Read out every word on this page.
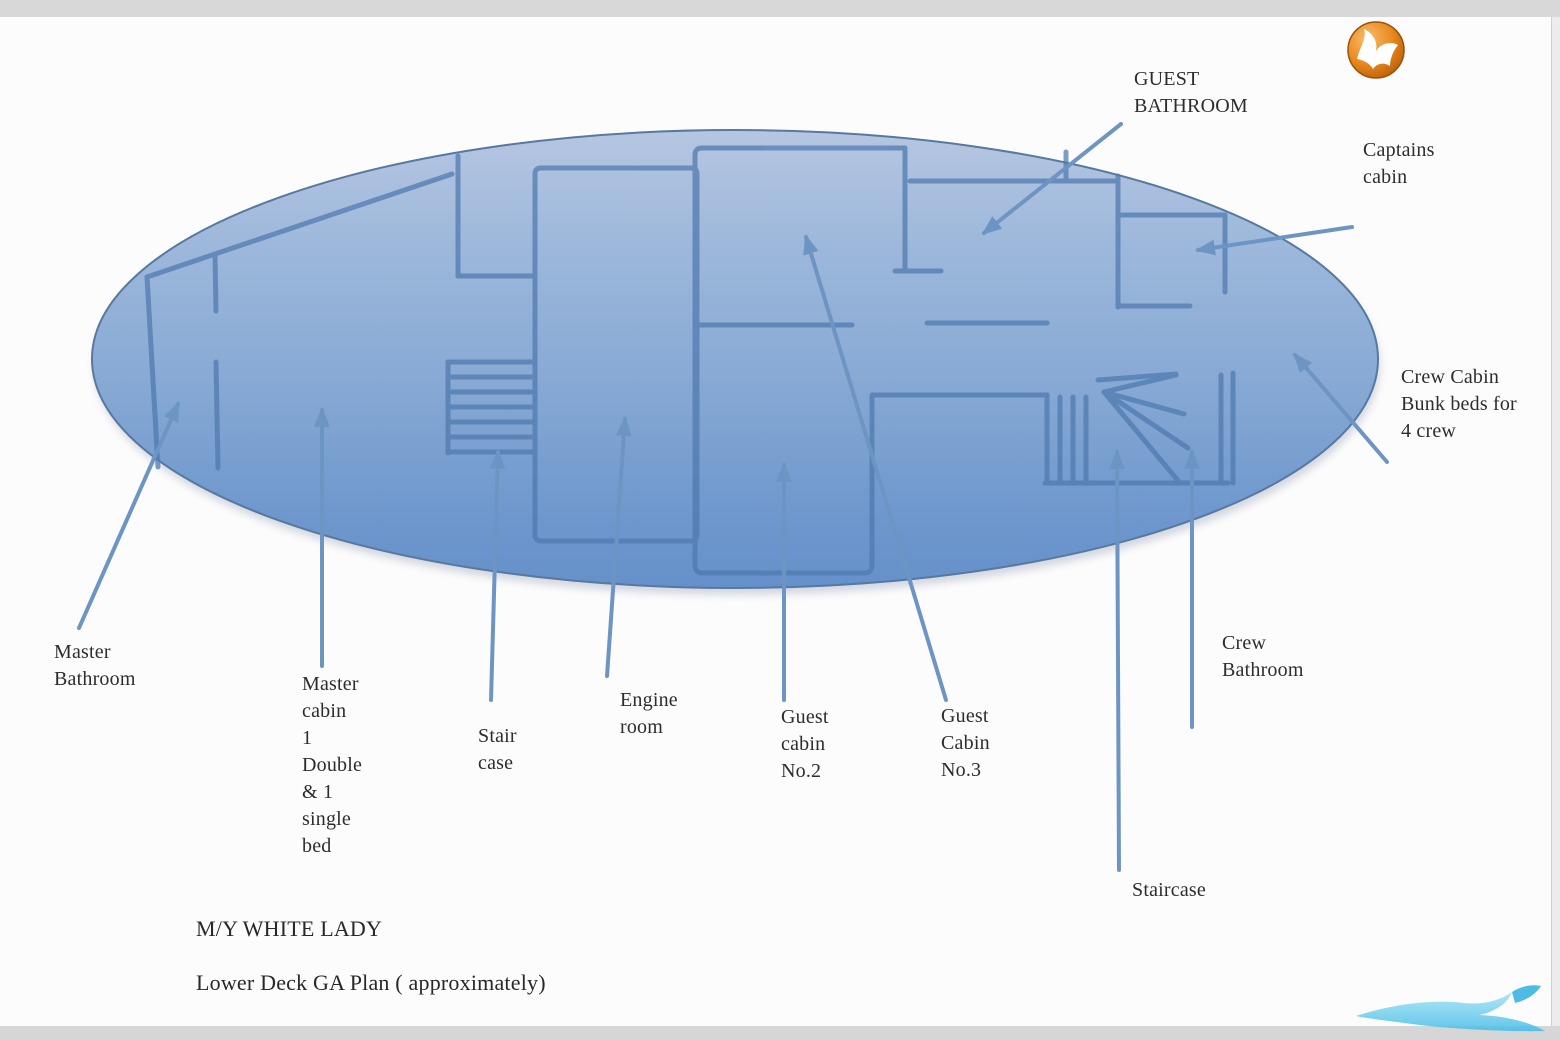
GUEST
BATHROOM
Captains
cabin
Crew Cabin
Bunk beds for
4 crew
Crew
Bathroom
Master
Bathroom	Master
cabin
1
Double
& 1
single
bed
Stair
case
Engine
room	Guest
cabin
No.2
Guest
Cabin
No.3
Staircase
M/Y WHITE LADY
Lower Deck GA Plan ( approximately)
